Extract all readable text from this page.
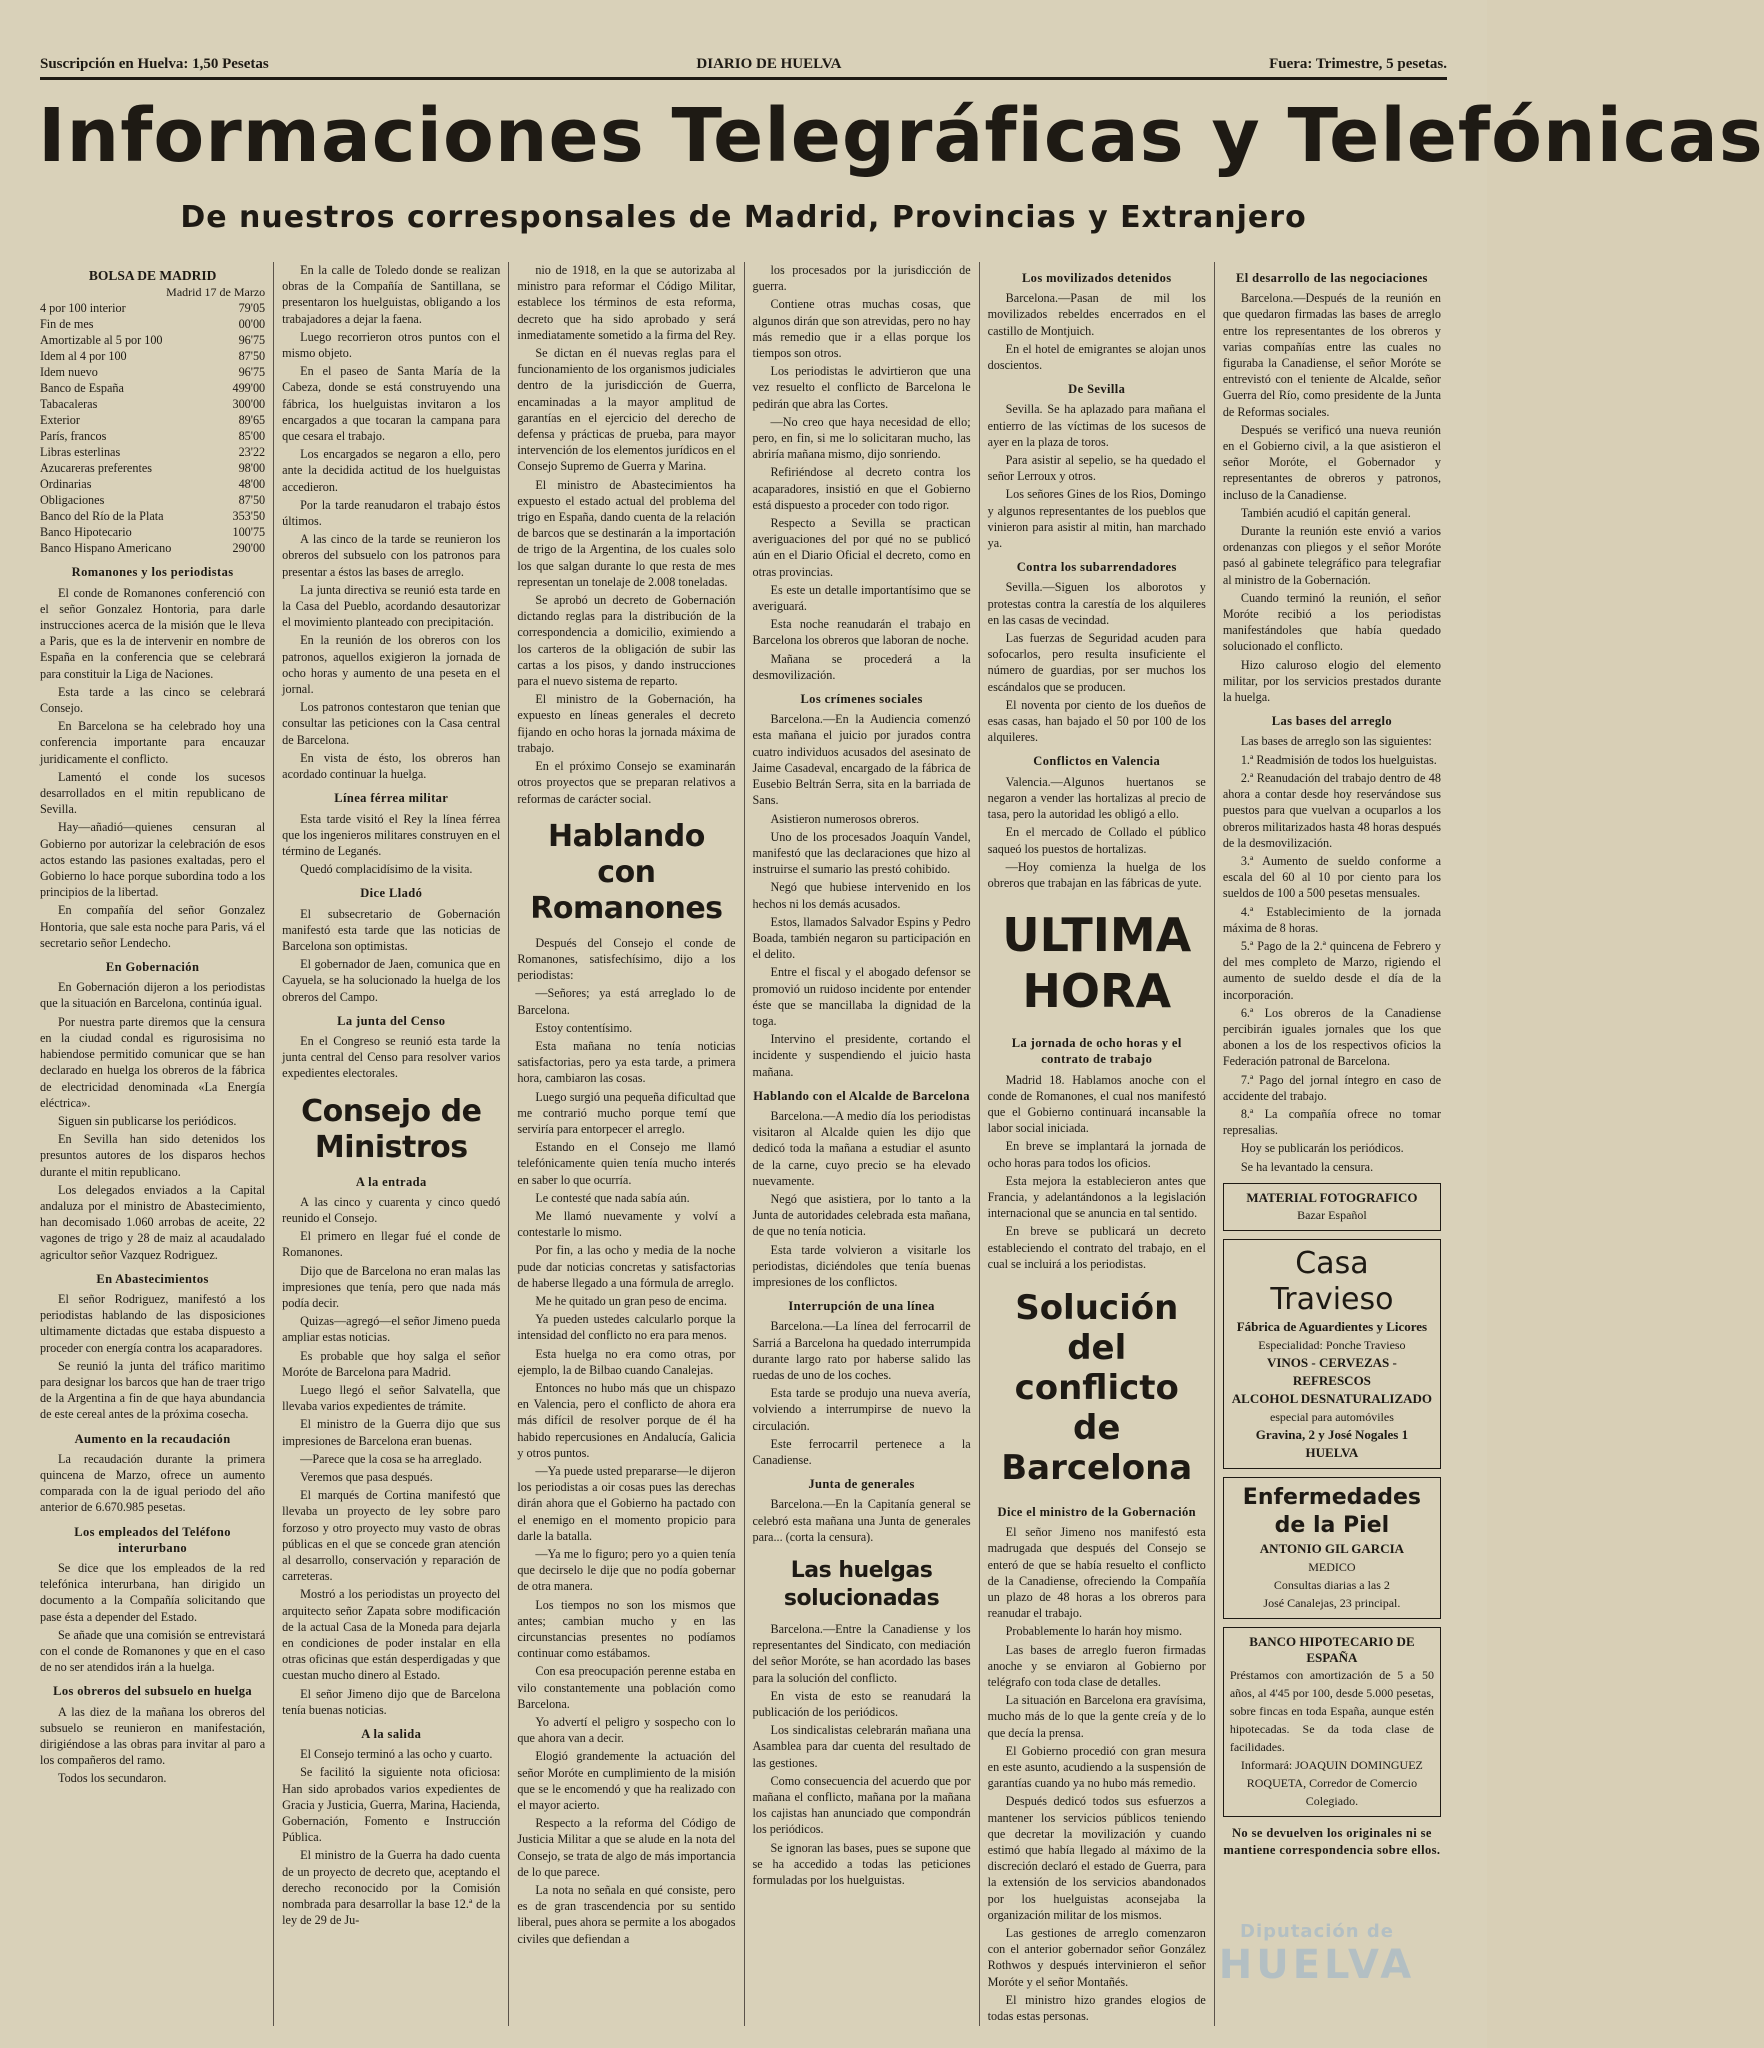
Suscripción en Huelva: 1,50 Pesetas	DIARIO DE HUELVA	Fuera: Trimestre, 5 pesetas.
Informaciones Telegráficas y Telefónicas
De nuestros corresponsales de Madrid, Provincias y Extranjero
BOLSA DE MADRID
Madrid 17 de Marzo
4 por 100 interior	79'05
Fin de mes	00'00
Amortizable al 5 por 100	96'75
Idem al 4 por 100	87'50
Idem nuevo	96'75
Banco de España	499'00
Tabacaleras	300'00
Exterior	89'65
París, francos	85'00
Libras esterlinas	23'22
Azucareras preferentes	98'00
Ordinarias	48'00
Obligaciones	87'50
Banco del Río de la Plata	353'50
Banco Hipotecario	100'75
Banco Hispano Americano	290'00
Romanones y los periodistas

El conde de Romanones conferenció con el señor Gonzalez Hontoria, para darle instrucciones acerca de la misión que le lleva a Paris, que es la de intervenir en nombre de España en la conferencia que se celebrará para constituir la Liga de Naciones.

Esta tarde a las cinco se celebrará Consejo.

En Barcelona se ha celebrado hoy una conferencia importante para encauzar juridicamente el conflicto.

Lamentó el conde los sucesos desarrollados en el mitin republicano de Sevilla.

Hay—añadió—quienes censuran al Gobierno por autorizar la celebración de esos actos estando las pasiones exaltadas, pero el Gobierno lo hace porque subordina todo a los principios de la libertad.

En compañía del señor Gonzalez Hontoria, que sale esta noche para Paris, vá el secretario señor Lendecho.

En Gobernación

En Gobernación dijeron a los periodistas que la situación en Barcelona, continúa igual.

Por nuestra parte diremos que la censura en la ciudad condal es rigurosisima no habiendose permitido comunicar que se han declarado en huelga los obreros de la fábrica de electricidad denominada «La Energía eléctrica».

Siguen sin publicarse los periódicos.

En Sevilla han sido detenidos los presuntos autores de los disparos hechos durante el mitin republicano.

Los delegados enviados a la Capital andaluza por el ministro de Abastecimiento, han decomisado 1.060 arrobas de aceite, 22 vagones de trigo y 28 de maiz al acaudalado agricultor señor Vazquez Rodriguez.

En Abastecimientos

El señor Rodriguez, manifestó a los periodistas hablando de las disposiciones ultimamente dictadas que estaba dispuesto a proceder con energía contra los acaparadores.

Se reunió la junta del tráfico maritimo para designar los barcos que han de traer trigo de la Argentina a fin de que haya abundancia de este cereal antes de la próxima cosecha.

Aumento en la recaudación

La recaudación durante la primera quincena de Marzo, ofrece un aumento comparada con la de igual periodo del año anterior de 6.670.985 pesetas.

Los empleados del Teléfono interurbano

Se dice que los empleados de la red telefónica interurbana, han dirigido un documento a la Compañía solicitando que pase ésta a depender del Estado.

Se añade que una comisión se entrevistará con el conde de Romanones y que en el caso de no ser atendidos irán a la huelga.

Los obreros del subsuelo en huelga

A las diez de la mañana los obreros del subsuelo se reunieron en manifestación, dirigiéndose a las obras para invitar al paro a los compañeros del ramo.

Todos los secundaron.

En la calle de Toledo donde se realizan obras de la Compañía de Santillana, se presentaron los huelguistas, obligando a los trabajadores a dejar la faena.

Luego recorrieron otros puntos con el mismo objeto.

En el paseo de Santa María de la Cabeza, donde se está construyendo una fábrica, los huelguistas invitaron a los encargados a que tocaran la campana para que cesara el trabajo.

Los encargados se negaron a ello, pero ante la decidida actitud de los huelguistas accedieron.

Por la tarde reanudaron el trabajo éstos últimos.

A las cinco de la tarde se reunieron los obreros del subsuelo con los patronos para presentar a éstos las bases de arreglo.

La junta directiva se reunió esta tarde en la Casa del Pueblo, acordando desautorizar el movimiento planteado con precipitación.

En la reunión de los obreros con los patronos, aquellos exigieron la jornada de ocho horas y aumento de una peseta en el jornal.

Los patronos contestaron que tenian que consultar las peticiones con la Casa central de Barcelona.

En vista de ésto, los obreros han acordado continuar la huelga.

Línea férrea militar

Esta tarde visitó el Rey la línea férrea que los ingenieros militares construyen en el término de Leganés.

Quedó complacidísimo de la visita.

Dice Lladó

El subsecretario de Gobernación manifestó esta tarde que las noticias de Barcelona son optimistas.

El gobernador de Jaen, comunica que en Cayuela, se ha solucionado la huelga de los obreros del Campo.

La junta del Censo

En el Congreso se reunió esta tarde la junta central del Censo para resolver varios expedientes electorales.

Consejo de Ministros
A la entrada

A las cinco y cuarenta y cinco quedó reunido el Consejo.

El primero en llegar fué el conde de Romanones.

Dijo que de Barcelona no eran malas las impresiones que tenía, pero que nada más podía decir.

Quizas—agregó—el señor Jimeno pueda ampliar estas noticias.

Es probable que hoy salga el señor Moróte de Barcelona para Madrid.

Luego llegó el señor Salvatella, que llevaba varios expedientes de trámite.

El ministro de la Guerra dijo que sus impresiones de Barcelona eran buenas.

—Parece que la cosa se ha arreglado.

Veremos que pasa después.

El marqués de Cortina manifestó que llevaba un proyecto de ley sobre paro forzoso y otro proyecto muy vasto de obras públicas en el que se concede gran atención al desarrollo, conservación y reparación de carreteras.

Mostró a los periodistas un proyecto del arquitecto señor Zapata sobre modificación de la actual Casa de la Moneda para dejarla en condiciones de poder instalar en ella otras oficinas que están desperdigadas y que cuestan mucho dinero al Estado.

El señor Jimeno dijo que de Barcelona tenía buenas noticias.

A la salida

El Consejo terminó a las ocho y cuarto.

Se facilitó la siguiente nota oficiosa: Han sido aprobados varios expedientes de Gracia y Justicia, Guerra, Marina, Hacienda, Gobernación, Fomento e Instrucción Pública.

El ministro de la Guerra ha dado cuenta de un proyecto de decreto que, aceptando el derecho reconocido por la Comisión nombrada para desarrollar la base 12.ª de la ley de 29 de Ju-

nio de 1918, en la que se autorizaba al ministro para reformar el Código Militar, establece los términos de esta reforma, decreto que ha sido aprobado y será inmediatamente sometido a la firma del Rey.

Se dictan en él nuevas reglas para el funcionamiento de los organismos judiciales dentro de la jurisdicción de Guerra, encaminadas a la mayor amplitud de garantías en el ejercicio del derecho de defensa y prácticas de prueba, para mayor intervención de los elementos jurídicos en el Consejo Supremo de Guerra y Marina.

El ministro de Abastecimientos ha expuesto el estado actual del problema del trigo en España, dando cuenta de la relación de barcos que se destinarán a la importación de trigo de la Argentina, de los cuales solo los que salgan durante lo que resta de mes representan un tonelaje de 2.008 toneladas.

Se aprobó un decreto de Gobernación dictando reglas para la distribución de la correspondencia a domicilio, eximiendo a los carteros de la obligación de subir las cartas a los pisos, y dando instrucciones para el nuevo sistema de reparto.

El ministro de la Gobernación, ha expuesto en líneas generales el decreto fijando en ocho horas la jornada máxima de trabajo.

En el próximo Consejo se examinarán otros proyectos que se preparan relativos a reformas de carácter social.

Hablando con Romanones

Después del Consejo el conde de Romanones, satisfechísimo, dijo a los periodistas:

—Señores; ya está arreglado lo de Barcelona.

Estoy contentísimo.

Esta mañana no tenía noticias satisfactorias, pero ya esta tarde, a primera hora, cambiaron las cosas.

Luego surgió una pequeña dificultad que me contrarió mucho porque temí que serviría para entorpecer el arreglo.

Estando en el Consejo me llamó telefónicamente quien tenía mucho interés en saber lo que ocurría.

Le contesté que nada sabía aún.

Me llamó nuevamente y volví a contestarle lo mismo.

Por fin, a las ocho y media de la noche pude dar noticias concretas y satisfactorias de haberse llegado a una fórmula de arreglo.

Me he quitado un gran peso de encima.

Ya pueden ustedes calcularlo porque la intensidad del conflicto no era para menos.

Esta huelga no era como otras, por ejemplo, la de Bilbao cuando Canalejas.

Entonces no hubo más que un chispazo en Valencia, pero el conflicto de ahora era más difícil de resolver porque de él ha habido repercusiones en Andalucía, Galicia y otros puntos.

—Ya puede usted prepararse—le dijeron los periodistas a oir cosas pues las derechas dirán ahora que el Gobierno ha pactado con el enemigo en el momento propicio para darle la batalla.

—Ya me lo figuro; pero yo a quien tenía que decirselo le dije que no podía gobernar de otra manera.

Los tiempos no son los mismos que antes; cambian mucho y en las circunstancias presentes no podíamos continuar como estábamos.

Con esa preocupación perenne estaba en vilo constantemente una población como Barcelona.

Yo advertí el peligro y sospecho con lo que ahora van a decir.

Elogió grandemente la actuación del señor Moróte en cumplimiento de la misión que se le encomendó y que ha realizado con el mayor acierto.

Respecto a la reforma del Código de Justicia Militar a que se alude en la nota del Consejo, se trata de algo de más importancia de lo que parece.

La nota no señala en qué consiste, pero es de gran trascendencia por su sentido liberal, pues ahora se permite a los abogados civiles que defiendan a

los procesados por la jurisdicción de guerra.

Contiene otras muchas cosas, que algunos dirán que son atrevidas, pero no hay más remedio que ir a ellas porque los tiempos son otros.

Los periodistas le advirtieron que una vez resuelto el conflicto de Barcelona le pedirán que abra las Cortes.

—No creo que haya necesidad de ello; pero, en fin, si me lo solicitaran mucho, las abriría mañana mismo, dijo sonriendo.

Refiriéndose al decreto contra los acaparadores, insistió en que el Gobierno está dispuesto a proceder con todo rigor.

Respecto a Sevilla se practican averiguaciones del por qué no se publicó aún en el Diario Oficial el decreto, como en otras provincias.

Es este un detalle importantísimo que se averiguará.

Esta noche reanudarán el trabajo en Barcelona los obreros que laboran de noche.

Mañana se procederá a la desmovilización.

Los crímenes sociales

Barcelona.—En la Audiencia comenzó esta mañana el juicio por jurados contra cuatro individuos acusados del asesinato de Jaime Casadeval, encargado de la fábrica de Eusebio Beltrán Serra, sita en la barriada de Sans.

Asistieron numerosos obreros.

Uno de los procesados Joaquín Vandel, manifestó que las declaraciones que hizo al instruirse el sumario las prestó cohibido.

Negó que hubiese intervenido en los hechos ni los demás acusados.

Estos, llamados Salvador Espins y Pedro Boada, también negaron su participación en el delito.

Entre el fiscal y el abogado defensor se promovió un ruidoso incidente por entender éste que se mancillaba la dignidad de la toga.

Intervino el presidente, cortando el incidente y suspendiendo el juicio hasta mañana.

Hablando con el Alcalde de Barcelona

Barcelona.—A medio día los periodistas visitaron al Alcalde quien les dijo que dedicó toda la mañana a estudiar el asunto de la carne, cuyo precio se ha elevado nuevamente.

Negó que asistiera, por lo tanto a la Junta de autoridades celebrada esta mañana, de que no tenía noticia.

Esta tarde volvieron a visitarle los periodistas, diciéndoles que tenía buenas impresiones de los conflictos.

Interrupción de una línea

Barcelona.—La línea del ferrocarril de Sarriá a Barcelona ha quedado interrumpida durante largo rato por haberse salido las ruedas de uno de los coches.

Esta tarde se produjo una nueva avería, volviendo a interrumpirse de nuevo la circulación.

Este ferrocarril pertenece a la Canadiense.

Junta de generales

Barcelona.—En la Capitanía general se celebró esta mañana una Junta de generales para... (corta la censura).

Las huelgas solucionadas

Barcelona.—Entre la Canadiense y los representantes del Sindicato, con mediación del señor Moróte, se han acordado las bases para la solución del conflicto.

En vista de esto se reanudará la publicación de los periódicos.

Los sindicalistas celebrarán mañana una Asamblea para dar cuenta del resultado de las gestiones.

Como consecuencia del acuerdo que por mañana el conflicto, mañana por la mañana los cajistas han anunciado que compondrán los periódicos.

Se ignoran las bases, pues se supone que se ha accedido a todas las peticiones formuladas por los huelguistas.

Los movilizados detenidos

Barcelona.—Pasan de mil los movilizados rebeldes encerrados en el castillo de Montjuich.

En el hotel de emigrantes se alojan unos doscientos.

De Sevilla

Sevilla. Se ha aplazado para mañana el entierro de las víctimas de los sucesos de ayer en la plaza de toros.

Para asistir al sepelio, se ha quedado el señor Lerroux y otros.

Los señores Gines de los Rios, Domingo y algunos representantes de los pueblos que vinieron para asistir al mitin, han marchado ya.

Contra los subarrendadores

Sevilla.—Siguen los alborotos y protestas contra la carestía de los alquileres en las casas de vecindad.

Las fuerzas de Seguridad acuden para sofocarlos, pero resulta insuficiente el número de guardias, por ser muchos los escándalos que se producen.

El noventa por ciento de los dueños de esas casas, han bajado el 50 por 100 de los alquileres.

Conflictos en Valencia

Valencia.—Algunos huertanos se negaron a vender las hortalizas al precio de tasa, pero la autoridad les obligó a ello.

En el mercado de Collado el público saqueó los puestos de hortalizas.

—Hoy comienza la huelga de los obreros que trabajan en las fábricas de yute.

ULTIMA HORA
La jornada de ocho horas y el contrato de trabajo

Madrid 18. Hablamos anoche con el conde de Romanones, el cual nos manifestó que el Gobierno continuará incansable la labor social iniciada.

En breve se implantará la jornada de ocho horas para todos los oficios.

Esta mejora la establecieron antes que Francia, y adelantándonos a la legislación internacional que se anuncia en tal sentido.

En breve se publicará un decreto estableciendo el contrato del trabajo, en el cual se incluirá a los periodistas.

Solución del conflicto de Barcelona
Dice el ministro de la Gobernación

El señor Jimeno nos manifestó esta madrugada que después del Consejo se enteró de que se había resuelto el conflicto de la Canadiense, ofreciendo la Compañía un plazo de 48 horas a los obreros para reanudar el trabajo.

Probablemente lo harán hoy mismo.

Las bases de arreglo fueron firmadas anoche y se enviaron al Gobierno por telégrafo con toda clase de detalles.

La situación en Barcelona era gravísima, mucho más de lo que la gente creía y de lo que decía la prensa.

El Gobierno procedió con gran mesura en este asunto, acudiendo a la suspensión de garantías cuando ya no hubo más remedio.

Después dedicó todos sus esfuerzos a mantener los servicios públicos teniendo que decretar la movilización y cuando estimó que había llegado al máximo de la discreción declaró el estado de Guerra, para la extensión de los servicios abandonados por los huelguistas aconsejaba la organización militar de los mismos.

Las gestiones de arreglo comenzaron con el anterior gobernador señor González Rothwos y después intervinieron el señor Moróte y el señor Montañés.

El ministro hizo grandes elogios de todas estas personas.

El desarrollo de las negociaciones

Barcelona.—Después de la reunión en que quedaron firmadas las bases de arreglo entre los representantes de los obreros y varias compañías entre las cuales no figuraba la Canadiense, el señor Moróte se entrevistó con el teniente de Alcalde, señor Guerra del Río, como presidente de la Junta de Reformas sociales.

Después se verificó una nueva reunión en el Gobierno civil, a la que asistieron el señor Moróte, el Gobernador y representantes de obreros y patronos, incluso de la Canadiense.

También acudió el capitán general.

Durante la reunión este envió a varios ordenanzas con pliegos y el señor Moróte pasó al gabinete telegráfico para telegrafiar al ministro de la Gobernación.

Cuando terminó la reunión, el señor Moróte recibió a los periodistas manifestándoles que había quedado solucionado el conflicto.

Hizo caluroso elogio del elemento militar, por los servicios prestados durante la huelga.

Las bases del arreglo

Las bases de arreglo son las siguientes:

1.ª Readmisión de todos los huelguistas.

2.ª Reanudación del trabajo dentro de 48 ahora a contar desde hoy reservándose sus puestos para que vuelvan a ocuparlos a los obreros militarizados hasta 48 horas después de la desmovilización.

3.ª Aumento de sueldo conforme a escala del 60 al 10 por ciento para los sueldos de 100 a 500 pesetas mensuales.

4.ª Establecimiento de la jornada máxima de 8 horas.

5.ª Pago de la 2.ª quincena de Febrero y del mes completo de Marzo, rigiendo el aumento de sueldo desde el día de la incorporación.

6.ª Los obreros de la Canadiense percibirán iguales jornales que los que abonen a los de los respectivos oficios la Federación patronal de Barcelona.

7.ª Pago del jornal íntegro en caso de accidente del trabajo.

8.ª La compañía ofrece no tomar represalias.

Hoy se publicarán los periódicos.

Se ha levantado la censura.

MATERIAL FOTOGRAFICO
Bazar Español
Casa Travieso
Fábrica de Aguardientes y Licores
Especialidad: Ponche Travieso
VINOS - CERVEZAS - REFRESCOS
ALCOHOL DESNATURALIZADO
especial para automóviles
Gravina, 2 y José Nogales 1
HUELVA
Enfermedades de la Piel
ANTONIO GIL GARCIA
MEDICO
Consultas diarias a las 2
José Canalejas, 23 principal.
BANCO HIPOTECARIO DE ESPAÑA
Préstamos con amortización de 5 a 50 años, al 4'45 por 100, desde 5.000 pesetas, sobre fincas en toda España, aunque estén hipotecadas. Se da toda clase de facilidades.
Informará: JOAQUIN DOMINGUEZ ROQUETA, Corredor de Comercio Colegiado.
No se devuelven los originales ni se mantiene correspondencia sobre ellos.
Diputación de
HUELVA
